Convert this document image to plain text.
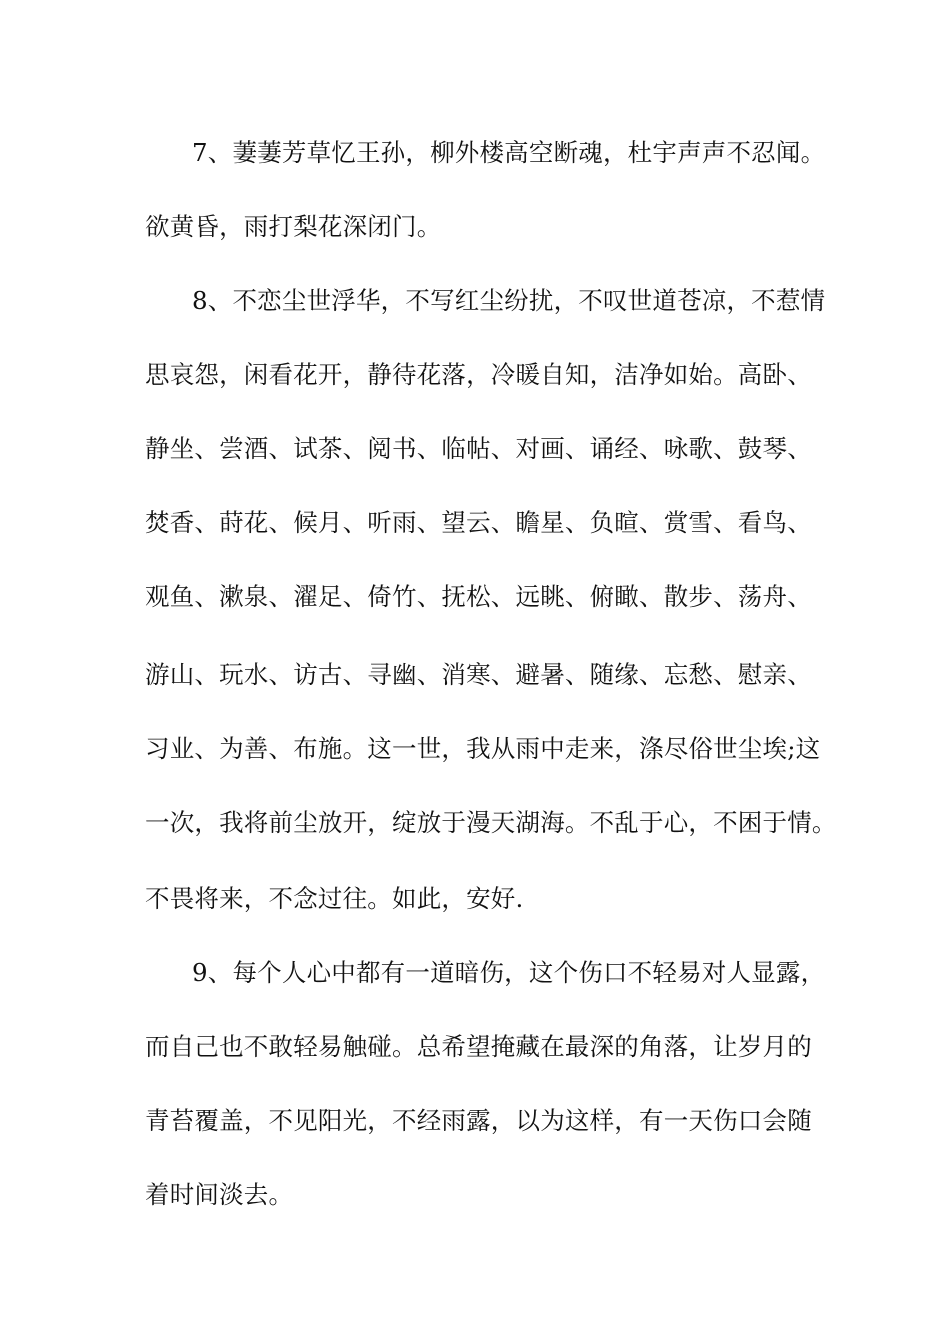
7、萋萋芳草忆王孙，柳外楼高空断魂，杜宇声声不忍闻。
欲黄昏，雨打梨花深闭门。
8、不恋尘世浮华，不写红尘纷扰，不叹世道苍凉，不惹情
思哀怨，闲看花开，静待花落，冷暖自知，洁净如始。高卧、
静坐、尝酒、试茶、阅书、临帖、对画、诵经、咏歌、鼓琴、
焚香、莳花、候月、听雨、望云、瞻星、负暄、赏雪、看鸟、
观鱼、漱泉、濯足、倚竹、抚松、远眺、俯瞰、散步、荡舟、
游山、玩水、访古、寻幽、消寒、避暑、随缘、忘愁、慰亲、
习业、为善、布施。这一世，我从雨中走来，涤尽俗世尘埃;这
一次，我将前尘放开，绽放于漫天湖海。不乱于心，不困于情。
不畏将来，不念过往。如此，安好.
9、每个人心中都有一道暗伤，这个伤口不轻易对人显露，
而自己也不敢轻易触碰。总希望掩藏在最深的角落，让岁月的
青苔覆盖，不见阳光，不经雨露，以为这样，有一天伤口会随
着时间淡去。
